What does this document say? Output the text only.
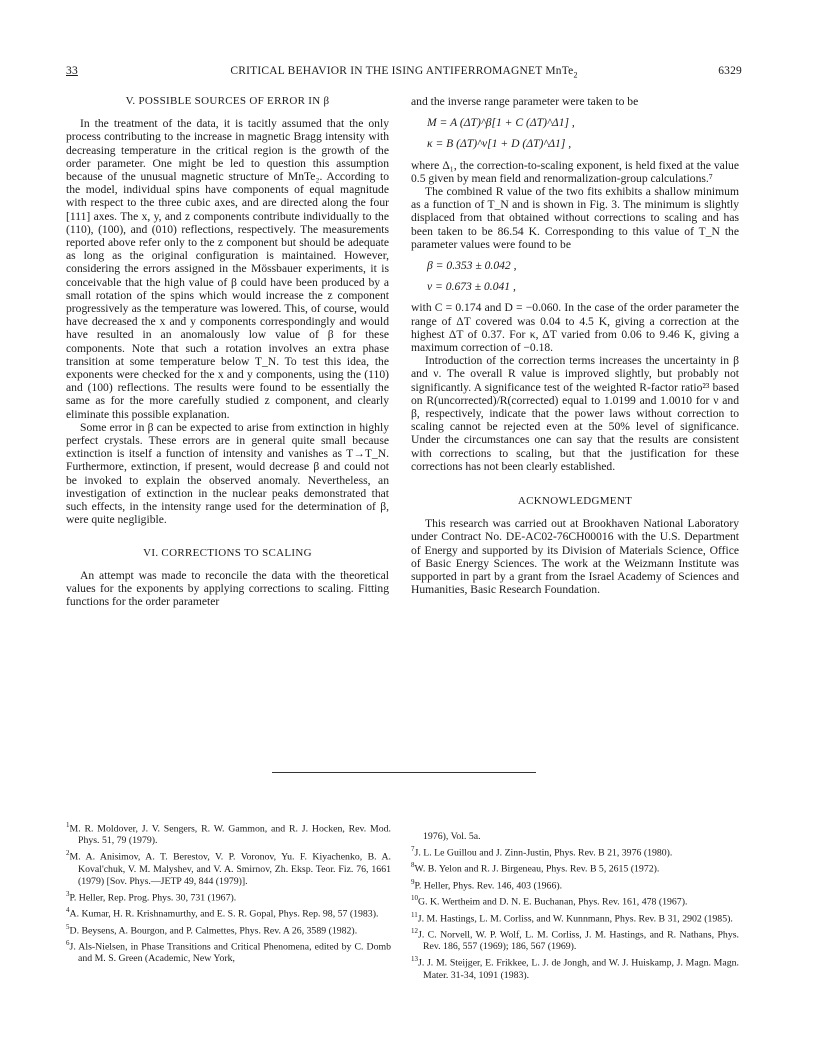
33	CRITICAL BEHAVIOR IN THE ISING ANTIFERROMAGNET MnTe$_2$	6329
V. POSSIBLE SOURCES OF ERROR IN β

In the treatment of the data, it is tacitly assumed that the only process contributing to the increase in magnetic Bragg intensity with decreasing temperature in the critical region is the growth of the order parameter. One might be led to question this assumption because of the unusual magnetic structure of MnTe₂. According to the model, individual spins have components of equal magnitude with respect to the three cubic axes, and are directed along the four [111] axes. The x, y, and z components contribute individually to the (110), (100), and (010) reflections, respectively. The measurements reported above refer only to the z component but should be adequate as long as the original configuration is maintained. However, considering the errors assigned in the Mössbauer experiments, it is conceivable that the high value of β could have been produced by a small rotation of the spins which would increase the z component progressively as the temperature was lowered. This, of course, would have decreased the x and y components correspondingly and would have resulted in an anomalously low value of β for these components. Note that such a rotation involves an extra phase transition at some temperature below T_N. To test this idea, the exponents were checked for the x and y components, using the (110) and (100) reflections. The results were found to be essentially the same as for the more carefully studied z component, and clearly eliminate this possible explanation.

Some error in β can be expected to arise from extinction in highly perfect crystals. These errors are in general quite small because extinction is itself a function of intensity and vanishes as T→T_N. Furthermore, extinction, if present, would decrease β and could not be invoked to explain the observed anomaly. Nevertheless, an investigation of extinction in the nuclear peaks demonstrated that such effects, in the intensity range used for the determination of β, were quite negligible.

VI. CORRECTIONS TO SCALING

An attempt was made to reconcile the data with the theoretical values for the exponents by applying corrections to scaling. Fitting functions for the order parameter

and the inverse range parameter were taken to be

M = A (ΔT)^β[1 + C (ΔT)^Δ1] ,
κ = B (ΔT)^ν[1 + D (ΔT)^Δ1] ,

where Δ₁, the correction-to-scaling exponent, is held fixed at the value 0.5 given by mean field and renormalization-group calculations.⁷

The combined R value of the two fits exhibits a shallow minimum as a function of T_N and is shown in Fig. 3. The minimum is slightly displaced from that obtained without corrections to scaling and has been taken to be 86.54 K. Corresponding to this value of T_N the parameter values were found to be

β = 0.353 ± 0.042 ,
ν = 0.673 ± 0.041 ,

with C = 0.174 and D = −0.060. In the case of the order parameter the range of ΔT covered was 0.04 to 4.5 K, giving a correction at the highest ΔT of 0.37. For κ, ΔT varied from 0.06 to 9.46 K, giving a maximum correction of −0.18.

Introduction of the correction terms increases the uncertainty in β and ν. The overall R value is improved slightly, but probably not significantly. A significance test of the weighted R-factor ratio²³ based on R(uncorrected)/R(corrected) equal to 1.0199 and 1.0010 for ν and β, respectively, indicate that the power laws without correction to scaling cannot be rejected even at the 50% level of significance. Under the circumstances one can say that the results are consistent with corrections to scaling, but that the justification for these corrections has not been clearly established.

ACKNOWLEDGMENT

This research was carried out at Brookhaven National Laboratory under Contract No. DE-AC02-76CH00016 with the U.S. Department of Energy and supported by its Division of Materials Science, Office of Basic Energy Sciences. The work at the Weizmann Institute was supported in part by a grant from the Israel Academy of Sciences and Humanities, Basic Research Foundation.

$^1$M. R. Moldover, J. V. Sengers, R. W. Gammon, and R. J. Hocken, Rev. Mod. Phys. 51, 79 (1979).

$^2$M. A. Anisimov, A. T. Berestov, V. P. Voronov, Yu. F. Kiyachenko, B. A. Koval'chuk, V. M. Malyshev, and V. A. Smirnov, Zh. Eksp. Teor. Fiz. 76, 1661 (1979) [Sov. Phys.—JETP 49, 844 (1979)].

$^3$P. Heller, Rep. Prog. Phys. 30, 731 (1967).

$^4$A. Kumar, H. R. Krishnamurthy, and E. S. R. Gopal, Phys. Rep. 98, 57 (1983).

$^5$D. Beysens, A. Bourgon, and P. Calmettes, Phys. Rev. A 26, 3589 (1982).

$^6$J. Als-Nielsen, in Phase Transitions and Critical Phenomena, edited by C. Domb and M. S. Green (Academic, New York,

1976), Vol. 5a.

$^7$J. L. Le Guillou and J. Zinn-Justin, Phys. Rev. B 21, 3976 (1980).

$^8$W. B. Yelon and R. J. Birgeneau, Phys. Rev. B 5, 2615 (1972).

$^9$P. Heller, Phys. Rev. 146, 403 (1966).

$^{10}$G. K. Wertheim and D. N. E. Buchanan, Phys. Rev. 161, 478 (1967).

$^{11}$J. M. Hastings, L. M. Corliss, and W. Kunnmann, Phys. Rev. B 31, 2902 (1985).

$^{12}$J. C. Norvell, W. P. Wolf, L. M. Corliss, J. M. Hastings, and R. Nathans, Phys. Rev. 186, 557 (1969); 186, 567 (1969).

$^{13}$J. J. M. Steijger, E. Frikkee, L. J. de Jongh, and W. J. Huiskamp, J. Magn. Magn. Mater. 31-34, 1091 (1983).
